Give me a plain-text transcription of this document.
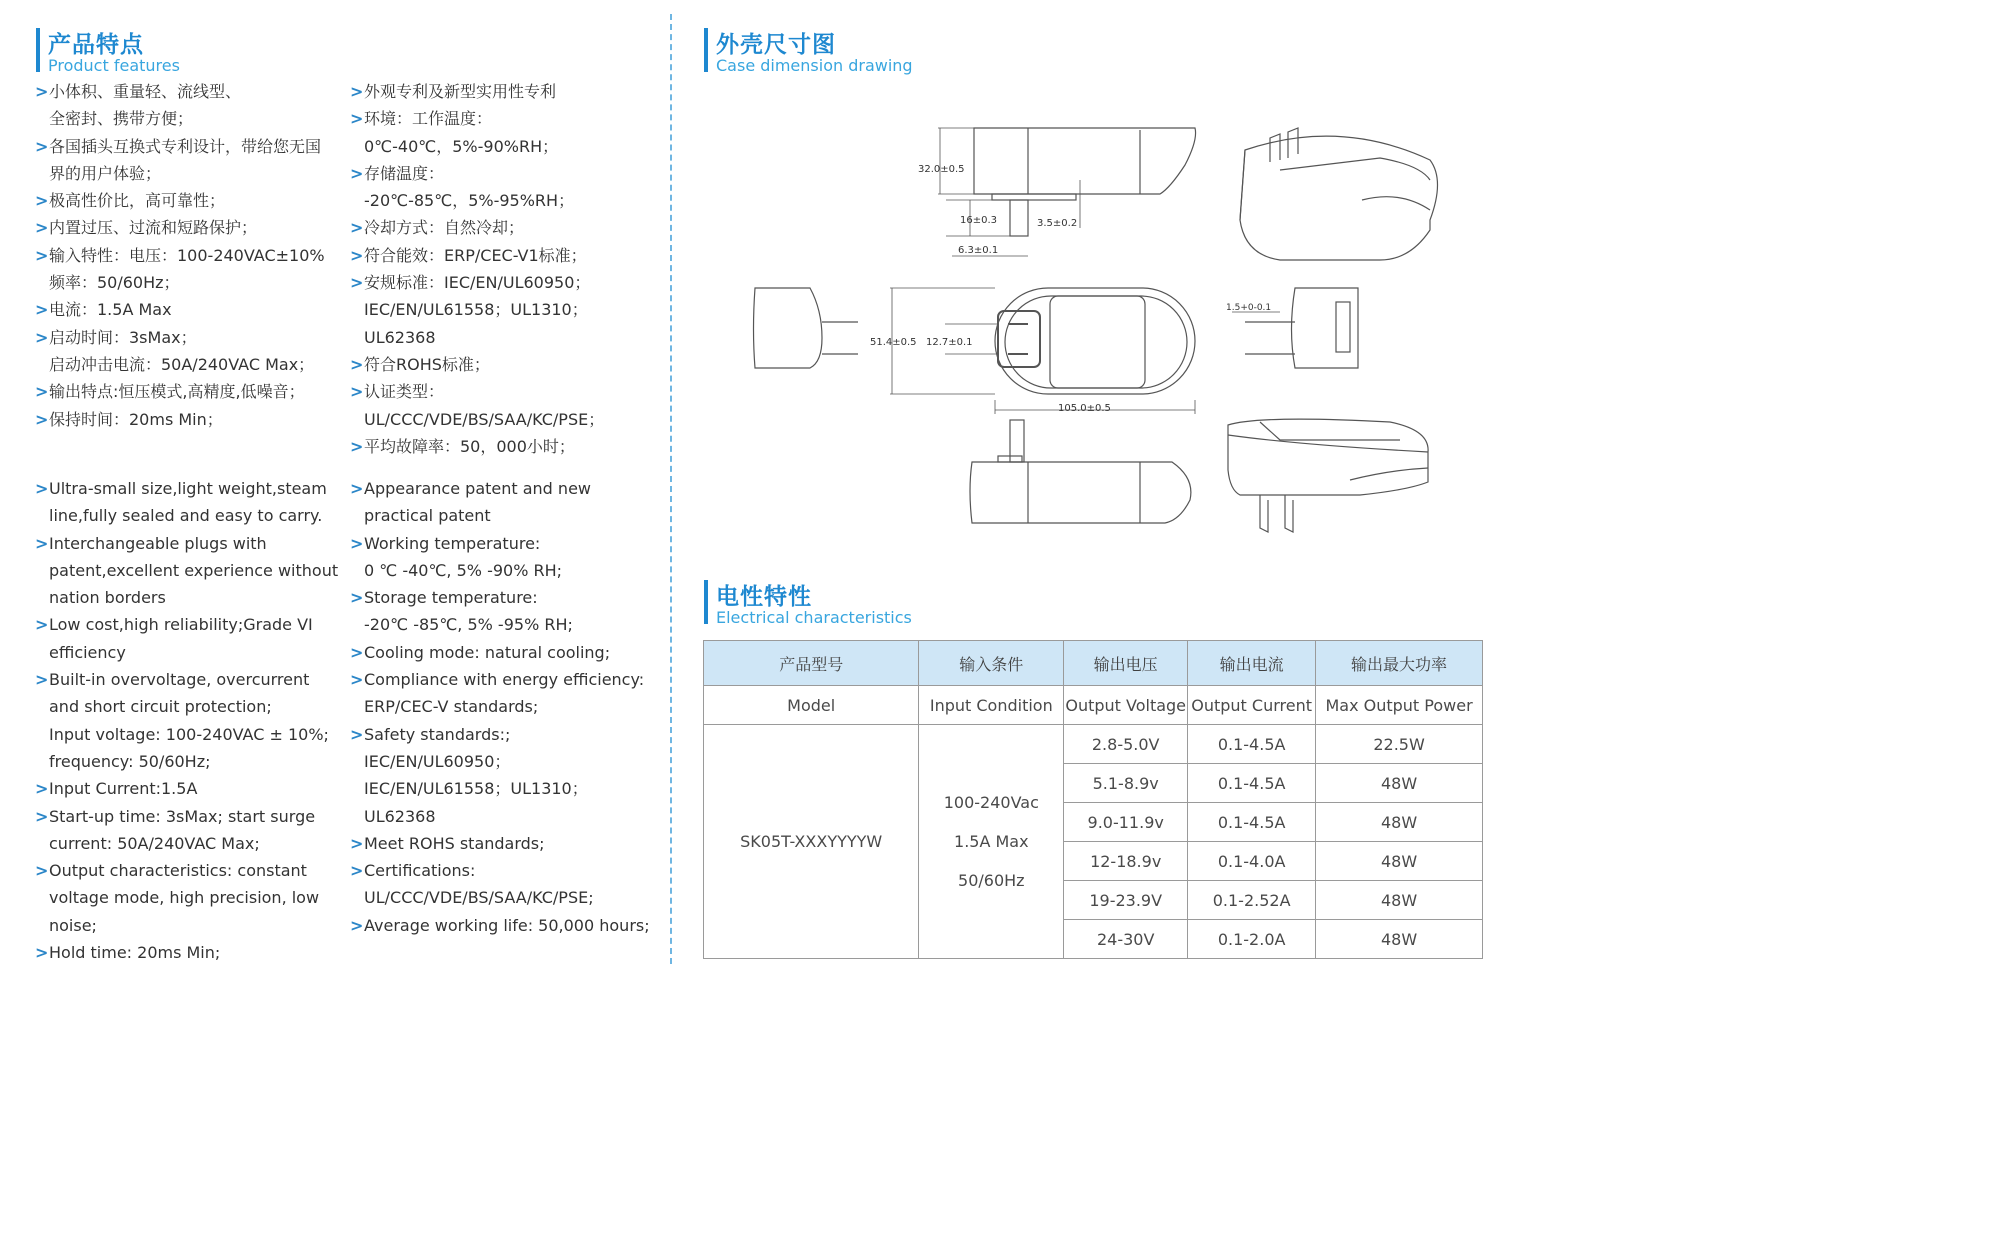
产品特点
Product features
> 小体积、重量轻、流线型、
全密封、携带方便；
> 各国插头互换式专利设计，带给您无国
界的用户体验；
> 极高性价比，高可靠性；
> 内置过压、过流和短路保护；
> 输入特性：电压：100-240VAC±10%
频率：50/60Hz；
> 电流：1.5A Max
> 启动时间：3sMax；
启动冲击电流：50A/240VAC Max；
> 输出特点:恒压模式,高精度,低噪音；
> 保持时间：20ms Min；
> 外观专利及新型实用性专利
> 环境：工作温度：
0℃-40℃，5%-90%RH；
> 存储温度：
-20℃-85℃，5%-95%RH；
> 冷却方式：自然冷却；
> 符合能效：ERP/CEC-V1标准；
> 安规标准：IEC/EN/UL60950；
IEC/EN/UL61558；UL1310；
UL62368
> 符合ROHS标准；
> 认证类型：
UL/CCC/VDE/BS/SAA/KC/PSE；
> 平均故障率：50，000小时；
> Ultra-small size,light weight,steam
line,fully sealed and easy to carry.
> Interchangeable plugs with
patent,excellent experience without
nation borders
> Low cost,high reliability;Grade VI
efficiency
> Built-in overvoltage, overcurrent
and short circuit protection;
Input voltage: 100-240VAC ± 10%;
frequency: 50/60Hz;
> Input Current:1.5A
> Start-up time: 3sMax; start surge
current: 50A/240VAC Max;
> Output characteristics: constant
voltage mode, high precision, low
noise;
> Hold time: 20ms Min;
> Appearance patent and new
practical patent
> Working temperature:
0 ℃ -40℃, 5% -90% RH;
> Storage temperature:
-20℃ -85℃, 5% -95% RH;
> Cooling mode: natural cooling;
> Compliance with energy efficiency:
ERP/CEC-V standards;
> Safety standards:;
IEC/EN/UL60950；
IEC/EN/UL61558；UL1310；
UL62368
> Meet ROHS standards;
> Certifications:
UL/CCC/VDE/BS/SAA/KC/PSE;
> Average working life: 50,000 hours;
外壳尺寸图
Case dimension drawing
32.0±0.5
16±0.3	3.5±0.2
6.3±0.1
51.4±0.5 12.7±0.1
105.0±0.5
1.5+0-0.1
电性特性
Electrical characteristics
产品型号	输入条件	输出电压	输出电流	输出最大功率
Model	Input Condition	Output Voltage	Output Current	Max Output Power
SK05T-XXXYYYYW	100-240Vac
1.5A Max
50/60Hz	2.8-5.0V	0.1-4.5A	22.5W
		5.1-8.9v	0.1-4.5A	48W
		9.0-11.9v	0.1-4.5A	48W
		12-18.9v	0.1-4.0A	48W
		19-23.9V	0.1-2.52A	48W
		24-30V	0.1-2.0A	48W
